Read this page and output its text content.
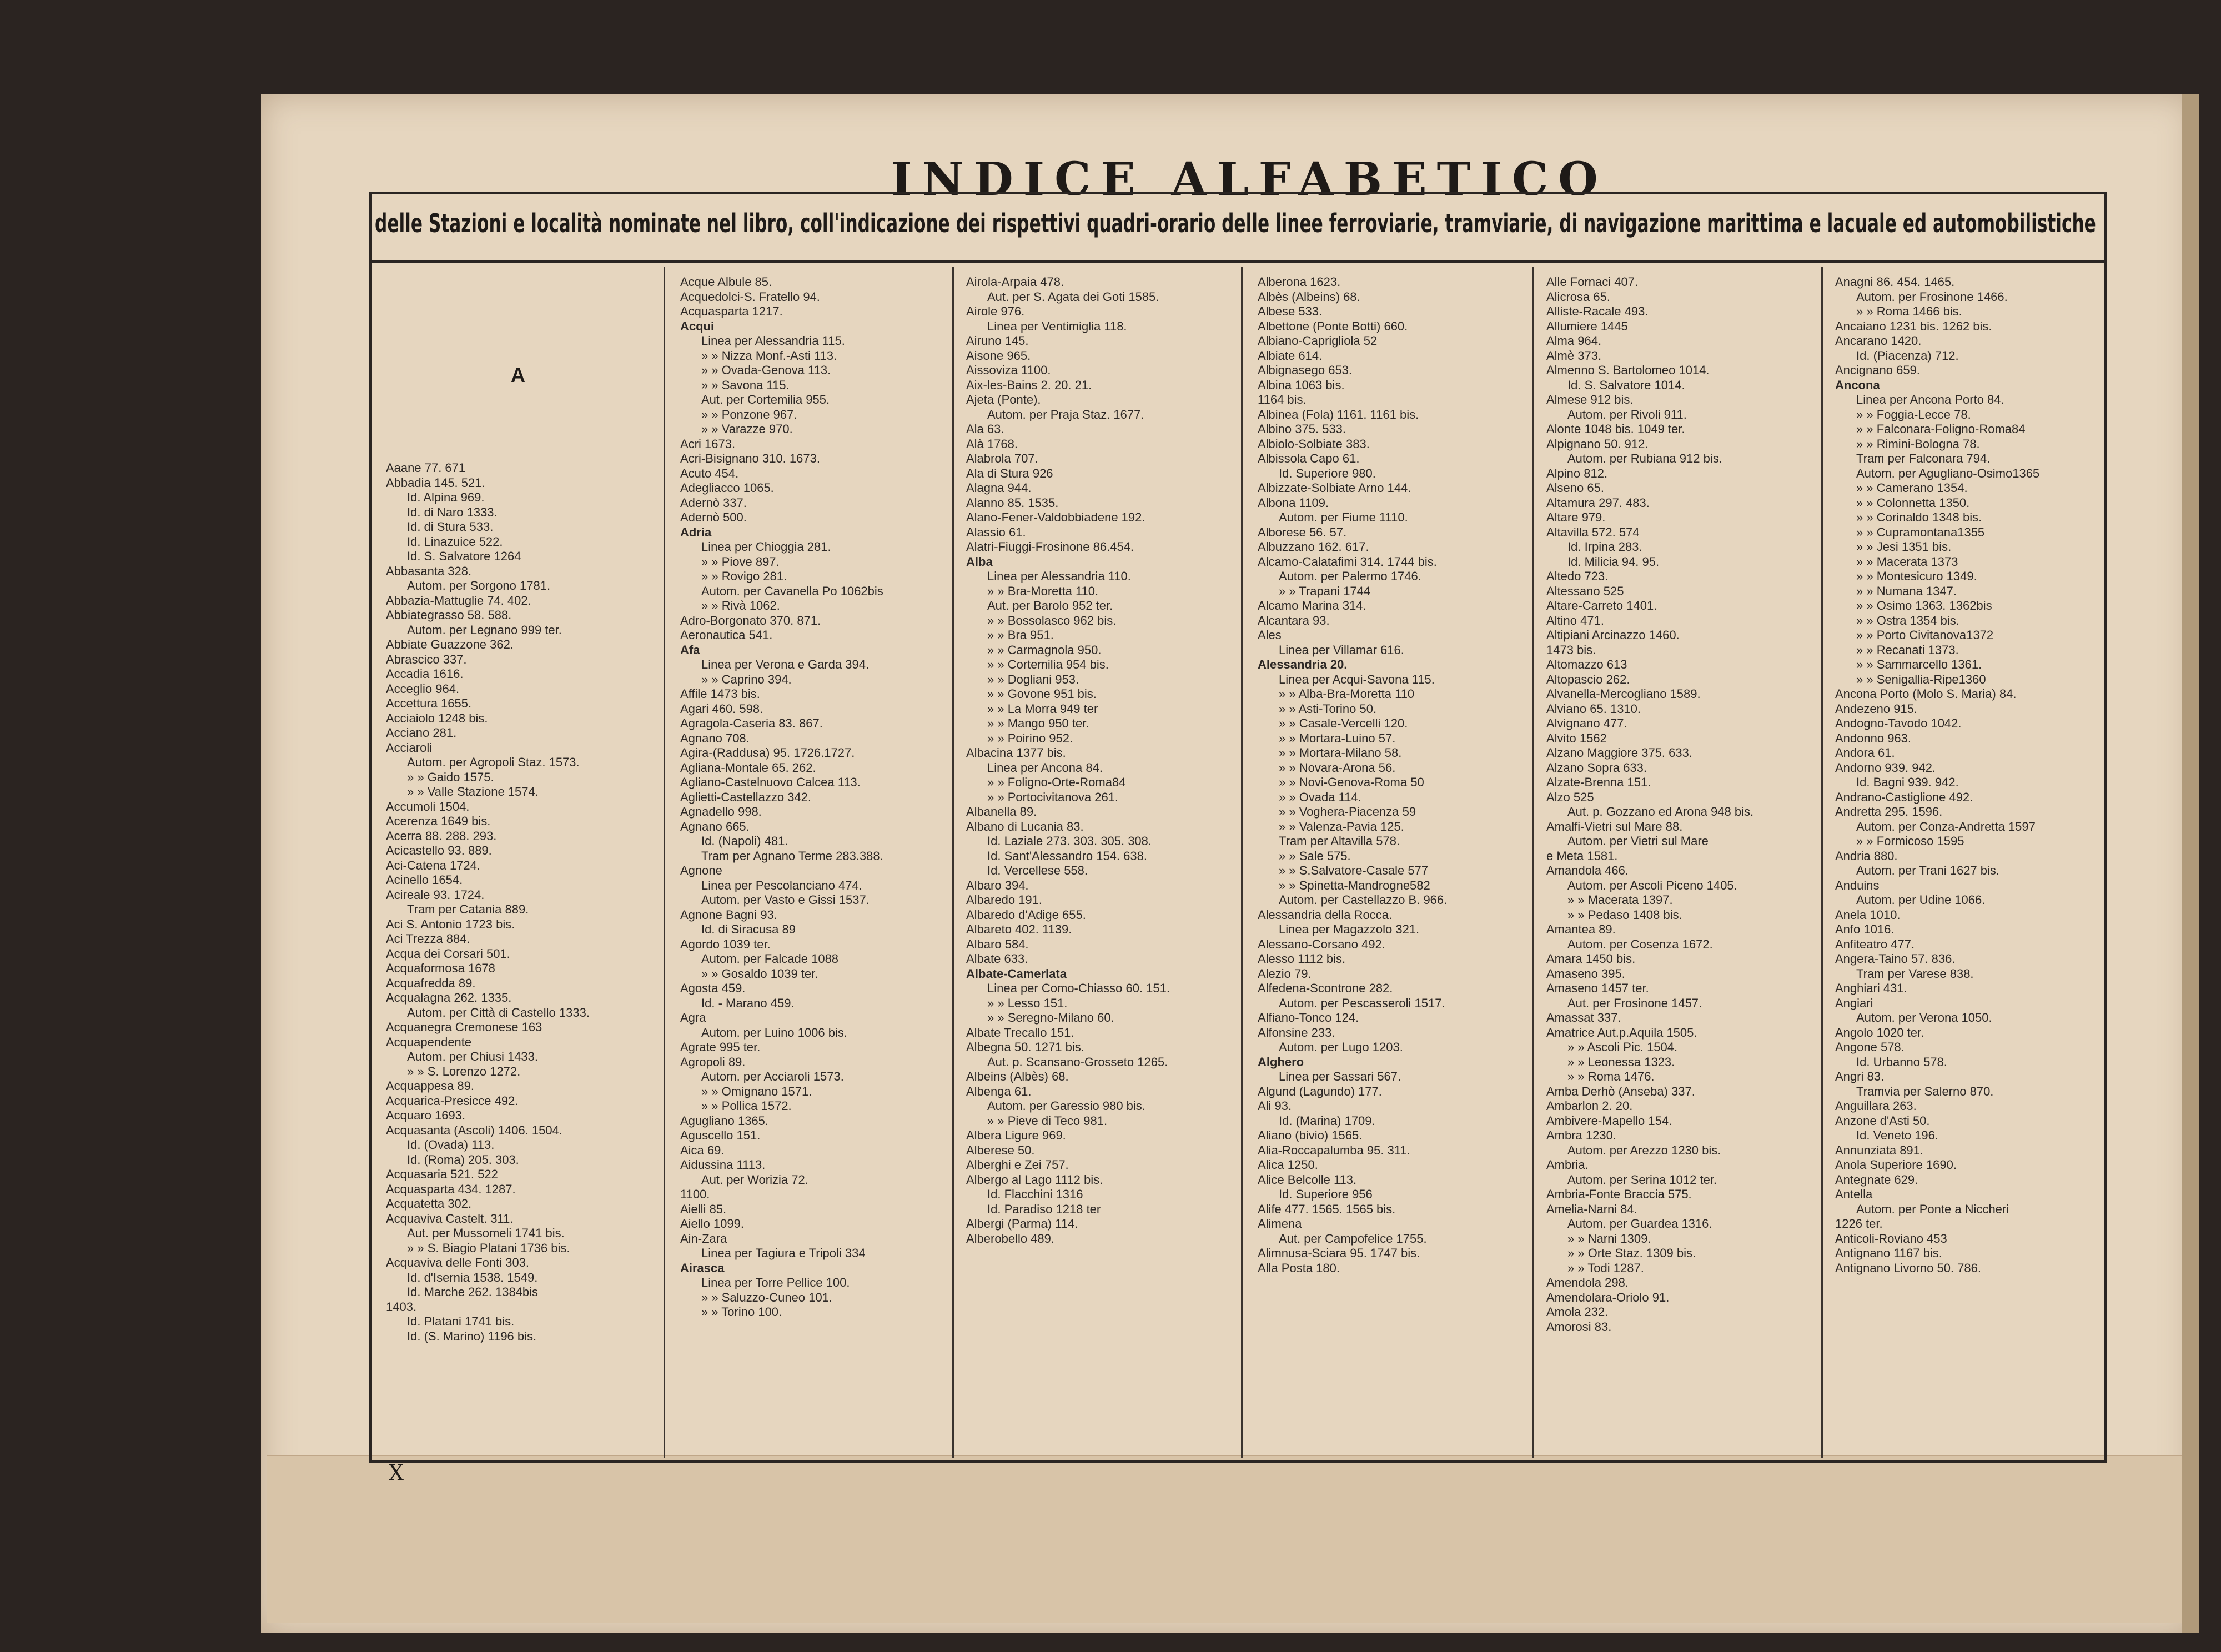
INDICE ALFABETICO
delle Stazioni e località nominate nel libro, coll'indicazione dei rispettivi quadri-orario delle linee ferroviarie, tramviarie, di navigazione marittima e lacuale ed automobilistiche
A
Aaane 77. 671
Abbadia 145. 521.
Id. Alpina 969.
Id. di Naro 1333.
Id. di Stura 533.
Id. Linazuice 522.
Id. S. Salvatore 1264
Abbasanta 328.
Autom. per Sorgono 1781.
Abbazia-Mattuglie 74. 402.
Abbiategrasso 58. 588.
Autom. per Legnano 999 ter.
Abbiate Guazzone 362.
Abrascico 337.
Accadia 1616.
Acceglio 964.
Accettura 1655.
Acciaiolo 1248 bis.
Acciano 281.
Acciaroli
Autom. per Agropoli Staz. 1573.
» » Gaido 1575.
» » Valle Stazione 1574.
Accumoli 1504.
Acerenza 1649 bis.
Acerra 88. 288. 293.
Acicastello 93. 889.
Aci-Catena 1724.
Acinello 1654.
Acireale 93. 1724.
Tram per Catania 889.
Aci S. Antonio 1723 bis.
Aci Trezza 884.
Acqua dei Corsari 501.
Acquaformosa 1678
Acquafredda 89.
Acqualagna 262. 1335.
Autom. per Città di Castello 1333.
Acquanegra Cremonese 163
Acquapendente
Autom. per Chiusi 1433.
» » S. Lorenzo 1272.
Acquappesa 89.
Acquarica-Presicce 492.
Acquaro 1693.
Acquasanta (Ascoli) 1406. 1504.
Id. (Ovada) 113.
Id. (Roma) 205. 303.
Acquasaria 521. 522
Acquasparta 434. 1287.
Acquatetta 302.
Acquaviva Castelt. 311.
Aut. per Mussomeli 1741 bis.
» » S. Biagio Platani 1736 bis.
Acquaviva delle Fonti 303.
Id. d'Isernia 1538. 1549.
Id. Marche 262. 1384bis
1403.
Id. Platani 1741 bis.
Id. (S. Marino) 1196 bis.
Acque Albule 85.
Acquedolci-S. Fratello 94.
Acquasparta 1217.
Acqui
Linea per Alessandria 115.
» » Nizza Monf.-Asti 113.
» » Ovada-Genova 113.
» » Savona 115.
Aut. per Cortemilia 955.
» » Ponzone 967.
» » Varazze 970.
Acri 1673.
Acri-Bisignano 310. 1673.
Acuto 454.
Adegliacco 1065.
Adernò 337.
Adernò 500.
Adria
Linea per Chioggia 281.
» » Piove 897.
» » Rovigo 281.
Autom. per Cavanella Po 1062bis
» » Rivà 1062.
Adro-Borgonato 370. 871.
Aeronautica 541.
Afa
Linea per Verona e Garda 394.
» » Caprino 394.
Affile 1473 bis.
Agari 460. 598.
Agragola-Caseria 83. 867.
Agnano 708.
Agira-(Raddusa) 95. 1726.1727.
Agliana-Montale 65. 262.
Agliano-Castelnuovo Calcea 113.
Aglietti-Castellazzo 342.
Agnadello 998.
Agnano 665.
Id. (Napoli) 481.
Tram per Agnano Terme 283.388.
Agnone
Linea per Pescolanciano 474.
Autom. per Vasto e Gissi 1537.
Agnone Bagni 93.
Id. di Siracusa 89
Agordo 1039 ter.
Autom. per Falcade 1088
» » Gosaldo 1039 ter.
Agosta 459.
Id. - Marano 459.
Agra
Autom. per Luino 1006 bis.
Agrate 995 ter.
Agropoli 89.
Autom. per Acciaroli 1573.
» » Omignano 1571.
» » Pollica 1572.
Agugliano 1365.
Aguscello 151.
Aica 69.
Aidussina 1113.
Aut. per Worizia 72.
1100.
Aielli 85.
Aiello 1099.
Ain-Zara
Linea per Tagiura e Tripoli 334
Airasca
Linea per Torre Pellice 100.
» » Saluzzo-Cuneo 101.
» » Torino 100.
Airola-Arpaia 478.
Aut. per S. Agata dei Goti 1585.
Airole 976.
Linea per Ventimiglia 118.
Airuno 145.
Aisone 965.
Aissoviza 1100.
Aix-les-Bains 2. 20. 21.
Ajeta (Ponte).
Autom. per Praja Staz. 1677.
Ala 63.
Alà 1768.
Alabrola 707.
Ala di Stura 926
Alagna 944.
Alanno 85. 1535.
Alano-Fener-Valdobbiadene 192.
Alassio 61.
Alatri-Fiuggi-Frosinone 86.454.
Alba
Linea per Alessandria 110.
» » Bra-Moretta 110.
Aut. per Barolo 952 ter.
» » Bossolasco 962 bis.
» » Bra 951.
» » Carmagnola 950.
» » Cortemilia 954 bis.
» » Dogliani 953.
» » Govone 951 bis.
» » La Morra 949 ter
» » Mango 950 ter.
» » Poirino 952.
Albacina 1377 bis.
Linea per Ancona 84.
» » Foligno-Orte-Roma84
» » Portocivitanova 261.
Albanella 89.
Albano di Lucania 83.
Id. Laziale 273. 303. 305. 308.
Id. Sant'Alessandro 154. 638.
Id. Vercellese 558.
Albaro 394.
Albaredo 191.
Albaredo d'Adige 655.
Albareto 402. 1139.
Albaro 584.
Albate 633.
Albate-Camerlata
Linea per Como-Chiasso 60. 151.
» » Lesso 151.
» » Seregno-Milano 60.
Albate Trecallo 151.
Albegna 50. 1271 bis.
Aut. p. Scansano-Grosseto 1265.
Albeins (Albès) 68.
Albenga 61.
Autom. per Garessio 980 bis.
» » Pieve di Teco 981.
Albera Ligure 969.
Alberese 50.
Alberghi e Zei 757.
Albergo al Lago 1112 bis.
Id. Flacchini 1316
Id. Paradiso 1218 ter
Albergi (Parma) 114.
Alberobello 489.
Alberona 1623.
Albès (Albeins) 68.
Albese 533.
Albettone (Ponte Botti) 660.
Albiano-Caprigliola 52
Albiate 614.
Albignasego 653.
Albina 1063 bis.
1164 bis.
Albinea (Fola) 1161. 1161 bis.
Albino 375. 533.
Albiolo-Solbiate 383.
Albissola Capo 61.
Id. Superiore 980.
Albizzate-Solbiate Arno 144.
Albona 1109.
Autom. per Fiume 1110.
Alborese 56. 57.
Albuzzano 162. 617.
Alcamo-Calatafimi 314. 1744 bis.
Autom. per Palermo 1746.
» » Trapani 1744
Alcamo Marina 314.
Alcantara 93.
Ales
Linea per Villamar 616.
Alessandria 20.
Linea per Acqui-Savona 115.
» » Alba-Bra-Moretta 110
» » Asti-Torino 50.
» » Casale-Vercelli 120.
» » Mortara-Luino 57.
» » Mortara-Milano 58.
» » Novara-Arona 56.
» » Novi-Genova-Roma 50
» » Ovada 114.
» » Voghera-Piacenza 59
» » Valenza-Pavia 125.
Tram per Altavilla 578.
» » Sale 575.
» » S.Salvatore-Casale 577
» » Spinetta-Mandrogne582
Autom. per Castellazzo B. 966.
Alessandria della Rocca.
Linea per Magazzolo 321.
Alessano-Corsano 492.
Alesso 1112 bis.
Alezio 79.
Alfedena-Scontrone 282.
Autom. per Pescasseroli 1517.
Alfiano-Tonco 124.
Alfonsine 233.
Autom. per Lugo 1203.
Alghero
Linea per Sassari 567.
Algund (Lagundo) 177.
Ali 93.
Id. (Marina) 1709.
Aliano (bivio) 1565.
Alia-Roccapalumba 95. 311.
Alica 1250.
Alice Belcolle 113.
Id. Superiore 956
Alife 477. 1565. 1565 bis.
Alimena
Aut. per Campofelice 1755.
Alimnusa-Sciara 95. 1747 bis.
Alla Posta 180.
Alle Fornaci 407.
Alicrosa 65.
Alliste-Racale 493.
Allumiere 1445
Alma 964.
Almè 373.
Almenno S. Bartolomeo 1014.
Id. S. Salvatore 1014.
Almese 912 bis.
Autom. per Rivoli 911.
Alonte 1048 bis. 1049 ter.
Alpignano 50. 912.
Autom. per Rubiana 912 bis.
Alpino 812.
Alseno 65.
Altamura 297. 483.
Altare 979.
Altavilla 572. 574
Id. Irpina 283.
Id. Milicia 94. 95.
Altedo 723.
Altessano 525
Altare-Carreto 1401.
Altino 471.
Altipiani Arcinazzo 1460.
1473 bis.
Altomazzo 613
Altopascio 262.
Alvanella-Mercogliano 1589.
Alviano 65. 1310.
Alvignano 477.
Alvito 1562
Alzano Maggiore 375. 633.
Alzano Sopra 633.
Alzate-Brenna 151.
Alzo 525
Aut. p. Gozzano ed Arona 948 bis.
Amalfi-Vietri sul Mare 88.
Autom. per Vietri sul Mare
e Meta 1581.
Amandola 466.
Autom. per Ascoli Piceno 1405.
» » Macerata 1397.
» » Pedaso 1408 bis.
Amantea 89.
Autom. per Cosenza 1672.
Amara 1450 bis.
Amaseno 395.
Amaseno 1457 ter.
Aut. per Frosinone 1457.
Amassat 337.
Amatrice Aut.p.Aquila 1505.
» » Ascoli Pic. 1504.
» » Leonessa 1323.
» » Roma 1476.
Amba Derhò (Anseba) 337.
Ambarlon 2. 20.
Ambivere-Mapello 154.
Ambra 1230.
Autom. per Arezzo 1230 bis.
Ambria.
Autom. per Serina 1012 ter.
Ambria-Fonte Braccia 575.
Amelia-Narni 84.
Autom. per Guardea 1316.
» » Narni 1309.
» » Orte Staz. 1309 bis.
» » Todi 1287.
Amendola 298.
Amendolara-Oriolo 91.
Amola 232.
Amorosi 83.
Anagni 86. 454. 1465.
Autom. per Frosinone 1466.
» » Roma 1466 bis.
Ancaiano 1231 bis. 1262 bis.
Ancarano 1420.
Id. (Piacenza) 712.
Ancignano 659.
Ancona
Linea per Ancona Porto 84.
» » Foggia-Lecce 78.
» » Falconara-Foligno-Roma84
» » Rimini-Bologna 78.
Tram per Falconara 794.
Autom. per Agugliano-Osimo1365
» » Camerano 1354.
» » Colonnetta 1350.
» » Corinaldo 1348 bis.
» » Cupramontana1355
» » Jesi 1351 bis.
» » Macerata 1373
» » Montesicuro 1349.
» » Numana 1347.
» » Osimo 1363. 1362bis
» » Ostra 1354 bis.
» » Porto Civitanova1372
» » Recanati 1373.
» » Sammarcello 1361.
» » Senigallia-Ripe1360
Ancona Porto (Molo S. Maria) 84.
Andezeno 915.
Andogno-Tavodo 1042.
Andonno 963.
Andora 61.
Andorno 939. 942.
Id. Bagni 939. 942.
Andrano-Castiglione 492.
Andretta 295. 1596.
Autom. per Conza-Andretta 1597
» » Formicoso 1595
Andria 880.
Autom. per Trani 1627 bis.
Anduins
Autom. per Udine 1066.
Anela 1010.
Anfo 1016.
Anfiteatro 477.
Angera-Taino 57. 836.
Tram per Varese 838.
Anghiari 431.
Angiari
Autom. per Verona 1050.
Angolo 1020 ter.
Angone 578.
Id. Urbanno 578.
Angri 83.
Tramvia per Salerno 870.
Anguillara 263.
Anzone d'Asti 50.
Id. Veneto 196.
Annunziata 891.
Anola Superiore 1690.
Antegnate 629.
Antella
Autom. per Ponte a Niccheri
1226 ter.
Anticoli-Roviano 453
Antignano 1167 bis.
Antignano Livorno 50. 786.
X
